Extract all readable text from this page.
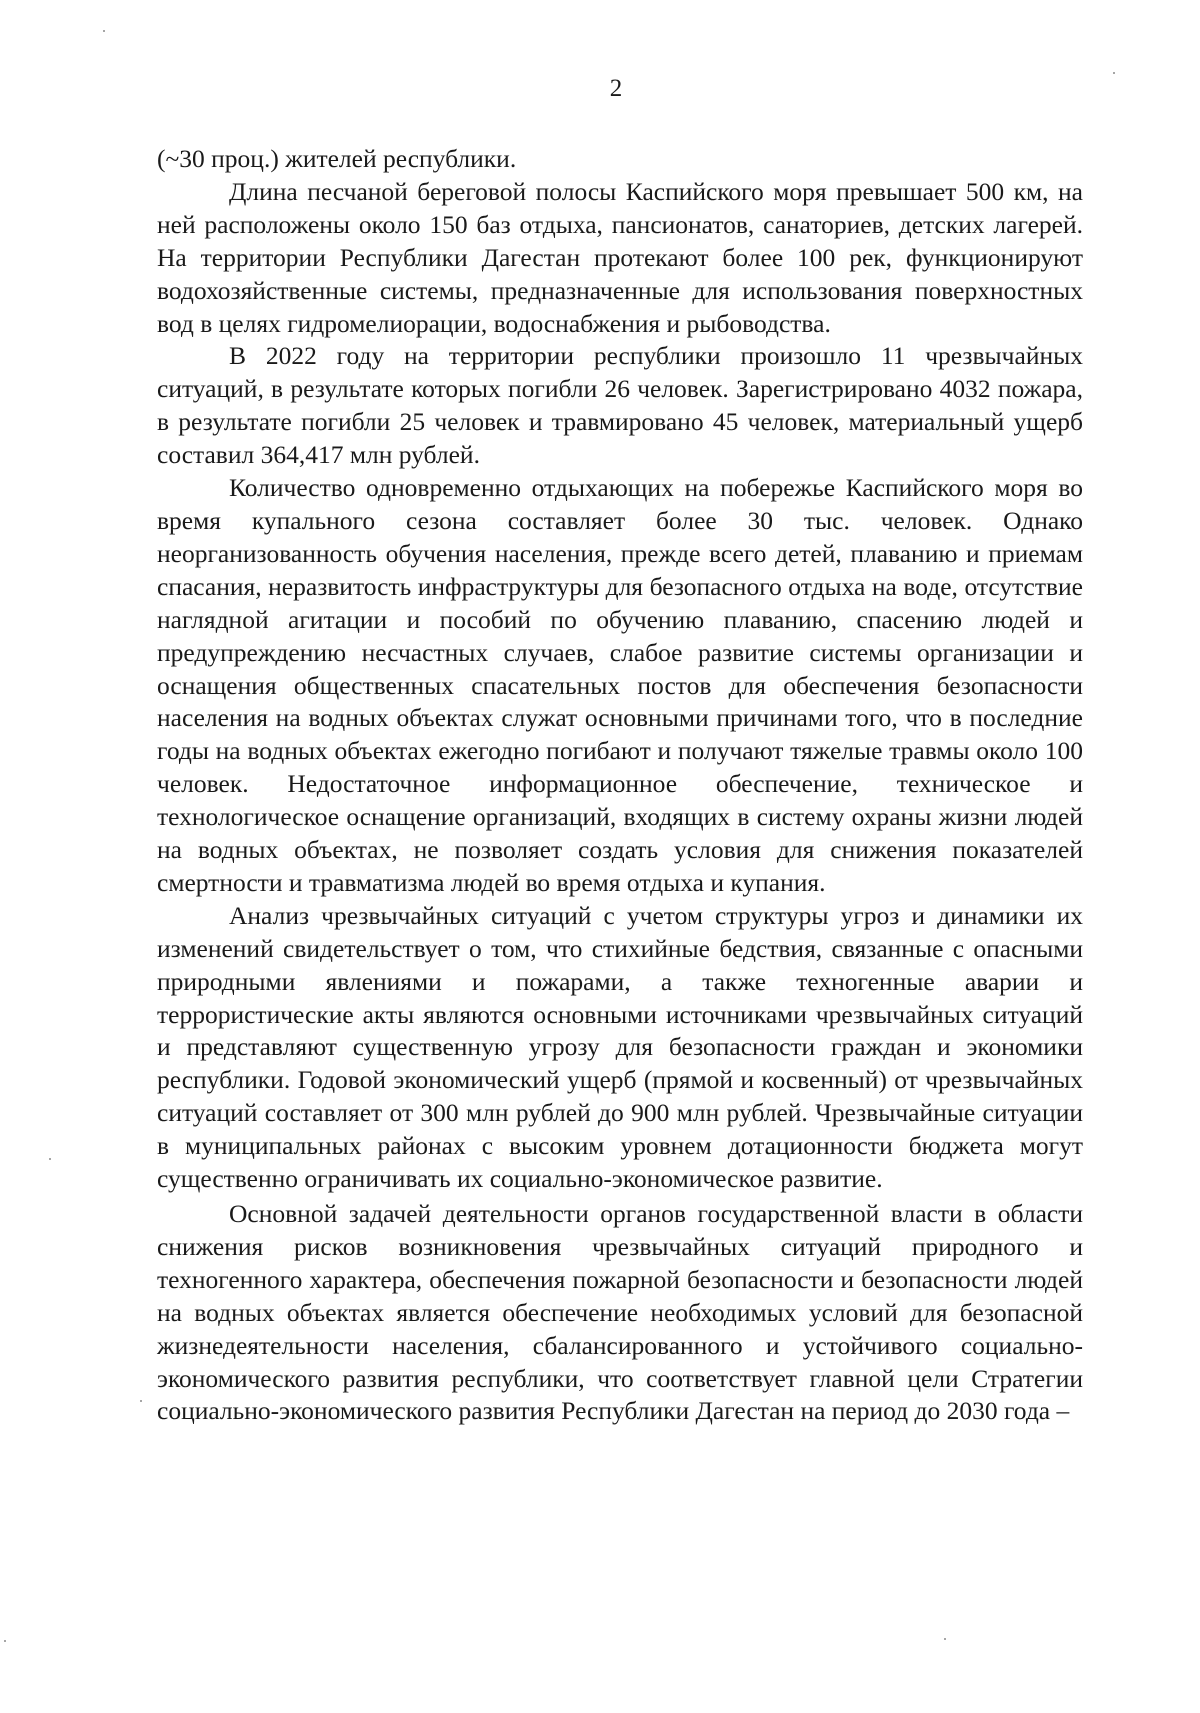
2

(~30 проц.) жителей республики.

Длина песчаной береговой полосы Каспийского моря превышает 500 км, на ней расположены около 150 баз отдыха, пансионатов, санаториев, детских лагерей. На территории Республики Дагестан протекают более 100 рек, функционируют водохозяйственные системы, предназначенные для использования поверхностных вод в целях гидромелиорации, водоснабжения и рыбоводства.

В 2022 году на территории республики произошло 11 чрезвычайных ситуаций, в результате которых погибли 26 человек. Зарегистрировано 4032 пожара, в результате погибли 25 человек и травмировано 45 человек, материальный ущерб составил 364,417 млн рублей.

Количество одновременно отдыхающих на побережье Каспийского моря во время купального сезона составляет более 30 тыс. человек. Однако неорганизованность обучения населения, прежде всего детей, плаванию и приемам спасания, неразвитость инфраструктуры для безопасного отдыха на воде, отсутствие наглядной агитации и пособий по обучению плаванию, спасению людей и предупреждению несчастных случаев, слабое развитие системы организации и оснащения общественных спасательных постов для обеспечения безопасности населения на водных объектах служат основными причинами того, что в последние годы на водных объектах ежегодно погибают и получают тяжелые травмы около 100 человек. Недостаточное информационное обеспечение, техническое и технологическое оснащение организаций, входящих в систему охраны жизни людей на водных объектах, не позволяет создать условия для снижения показателей смертности и травматизма людей во время отдыха и купания.

Анализ чрезвычайных ситуаций с учетом структуры угроз и динамики их изменений свидетельствует о том, что стихийные бедствия, связанные с опасными природными явлениями и пожарами, а также техногенные аварии и террористические акты являются основными источниками чрезвычайных ситуаций и представляют существенную угрозу для безопасности граждан и экономики республики. Годовой экономический ущерб (прямой и косвенный) от чрезвычайных ситуаций составляет от 300 млн рублей до 900 млн рублей. Чрезвычайные ситуации в муниципальных районах с высоким уровнем дотационности бюджета могут существенно ограничивать их социально-экономическое развитие.

Основной задачей деятельности органов государственной власти в области снижения рисков возникновения чрезвычайных ситуаций природного и техногенного характера, обеспечения пожарной безопасности и безопасности людей на водных объектах является обеспечение необходимых условий для безопасной жизнедеятельности населения, сбалансированного и устойчивого социально-экономического развития республики, что соответствует главной цели Стратегии социально-экономического развития Республики Дагестан на период до 2030 года –
